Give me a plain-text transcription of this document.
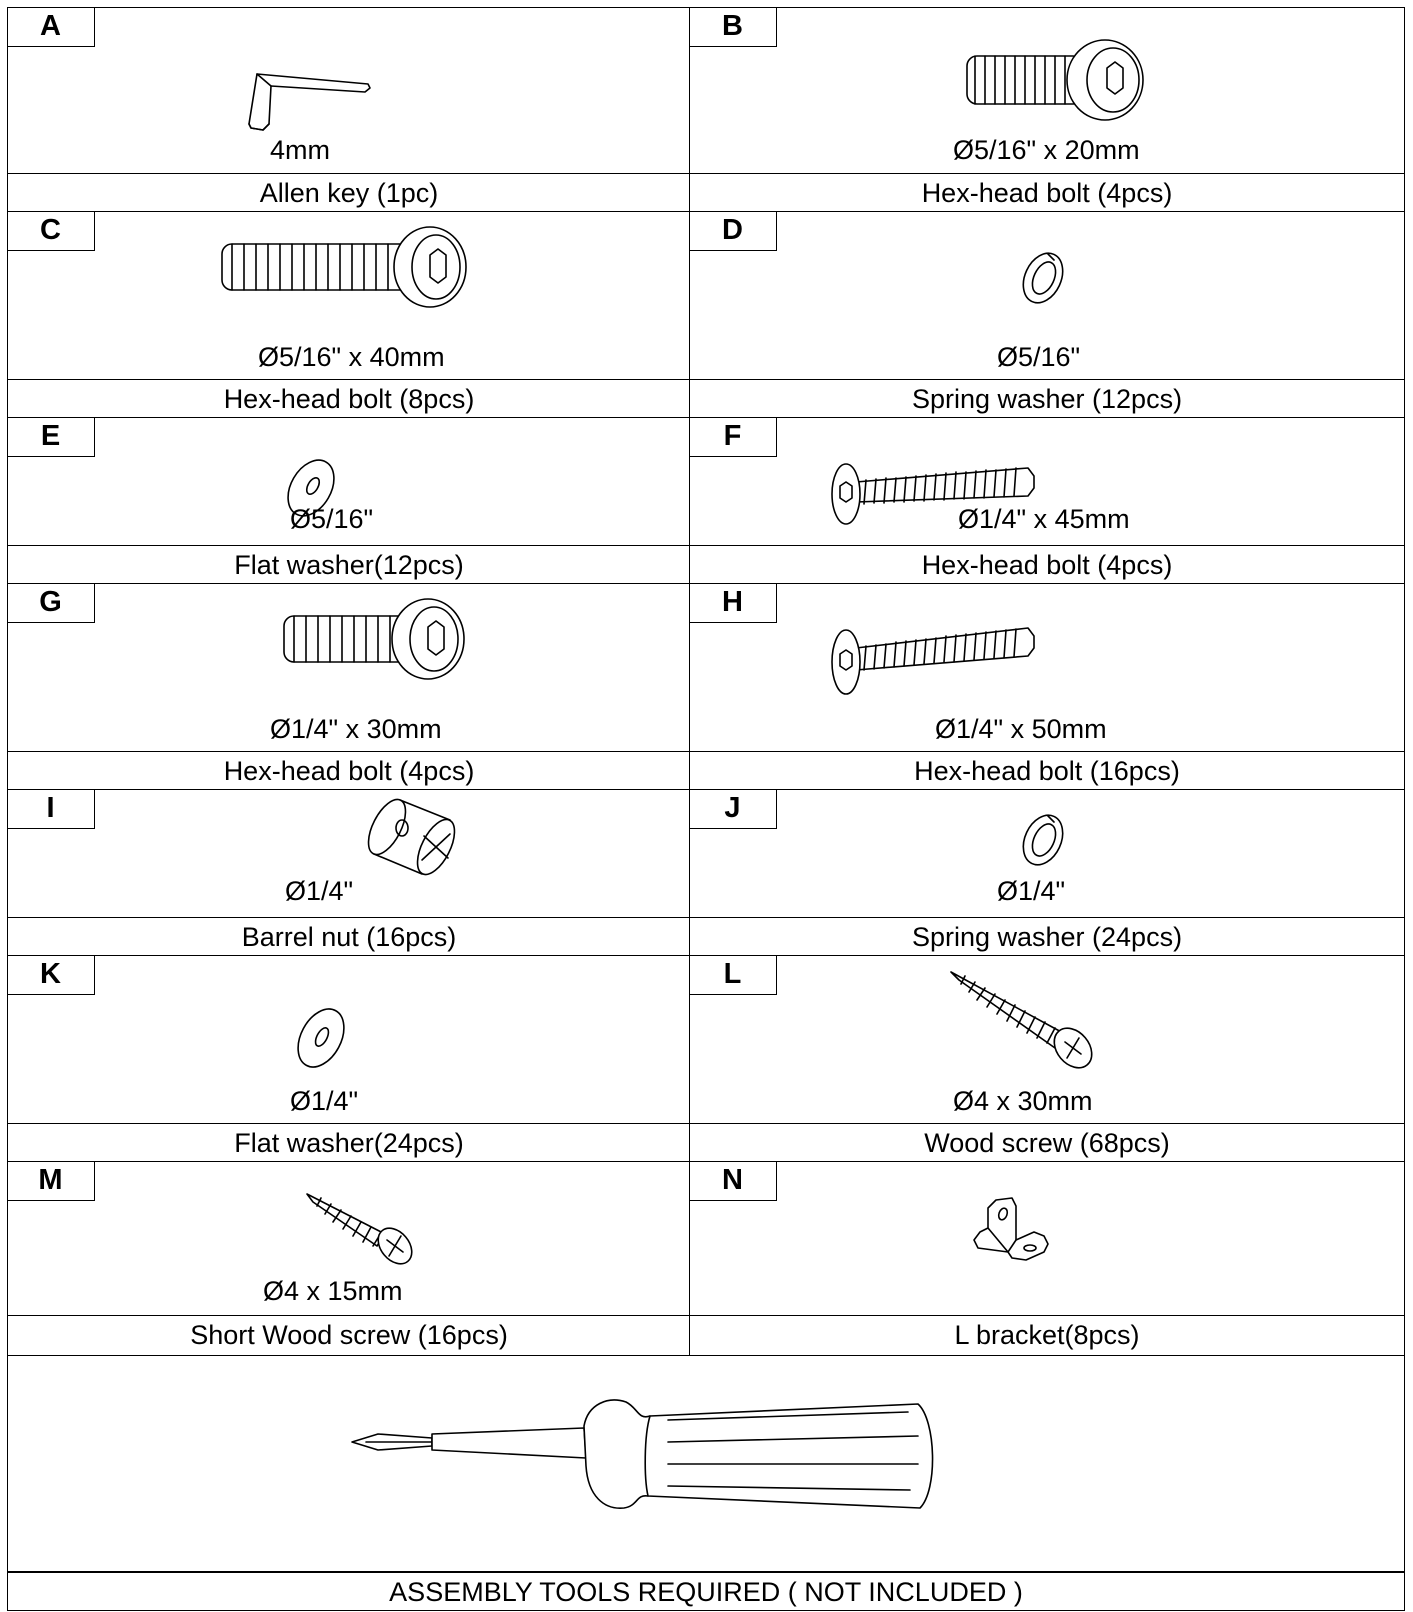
A
4mm
Allen key (1pc)
B
Ø5/16" x 20mm
Hex-head bolt (4pcs)
C
Ø5/16" x 40mm
Hex-head bolt (8pcs)
D
Ø5/16"
Spring washer (12pcs)
E
Ø5/16"
Flat washer(12pcs)
F
Ø1/4" x 45mm
Hex-head bolt (4pcs)
G
Ø1/4" x 30mm
Hex-head bolt (4pcs)
H
Ø1/4" x 50mm
Hex-head bolt (16pcs)
I
Ø1/4"
Barrel nut (16pcs)
J
Ø1/4"
Spring washer (24pcs)
K
Ø1/4"
Flat washer(24pcs)
L
Ø4 x 30mm
Wood screw (68pcs)
M
Ø4 x 15mm
Short Wood screw (16pcs)
N
L bracket(8pcs)
ASSEMBLY TOOLS REQUIRED ( NOT INCLUDED )
